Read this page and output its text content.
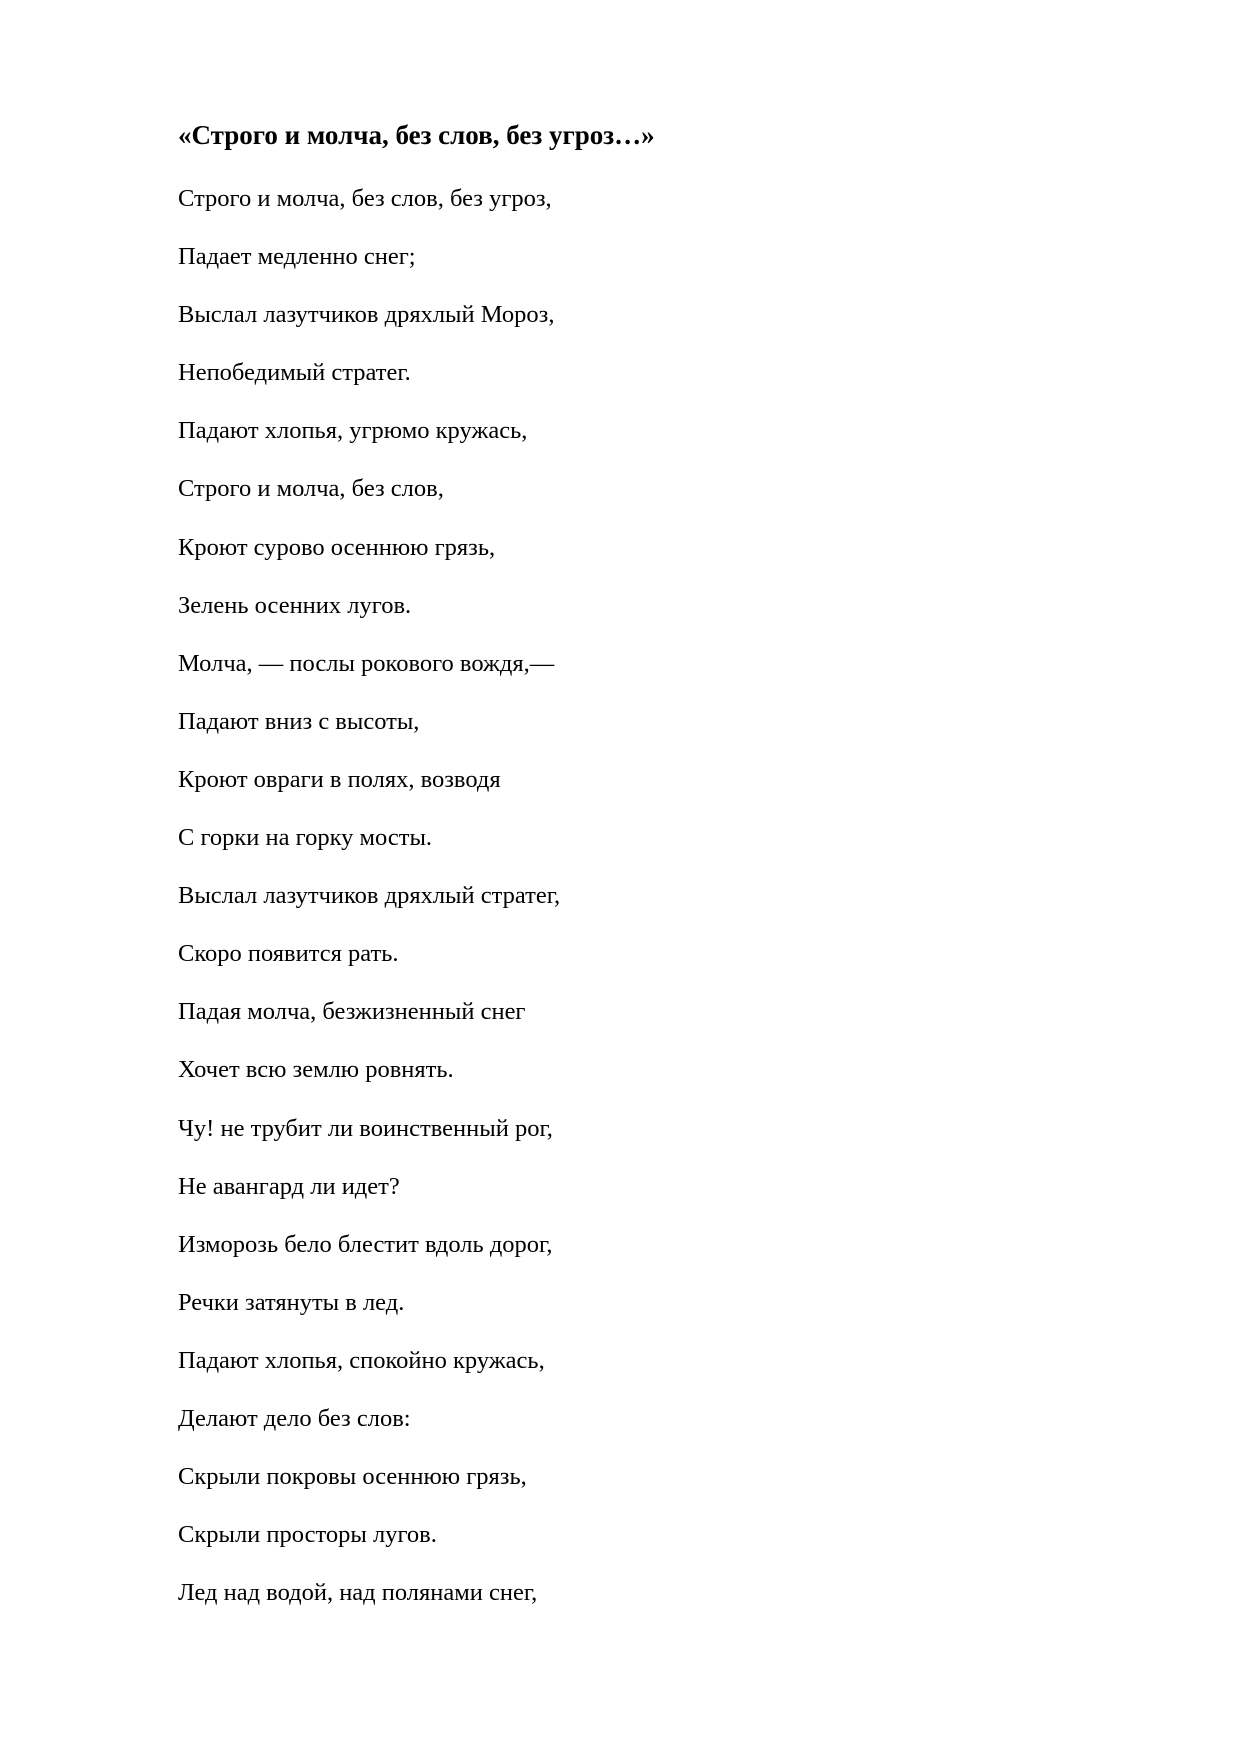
«Строго и молча, без слов, без угроз…»
Строго и молча, без слов, без угроз,
Падает медленно снег;
Выслал лазутчиков дряхлый Мороз,
Непобедимый стратег.
Падают хлопья, угрюмо кружась,
Строго и молча, без слов,
Кроют сурово осеннюю грязь,
Зелень осенних лугов.
Молча, — послы рокового вождя,—
Падают вниз с высоты,
Кроют овраги в полях, возводя
С горки на горку мосты.
Выслал лазутчиков дряхлый стратег,
Скоро появится рать.
Падая молча, безжизненный снег
Хочет всю землю ровнять.
Чу! не трубит ли воинственный рог,
Не авангард ли идет?
Изморозь бело блестит вдоль дорог,
Речки затянуты в лед.
Падают хлопья, спокойно кружась,
Делают дело без слов:
Скрыли покровы осеннюю грязь,
Скрыли просторы лугов.
Лед над водой, над полянами снег,
